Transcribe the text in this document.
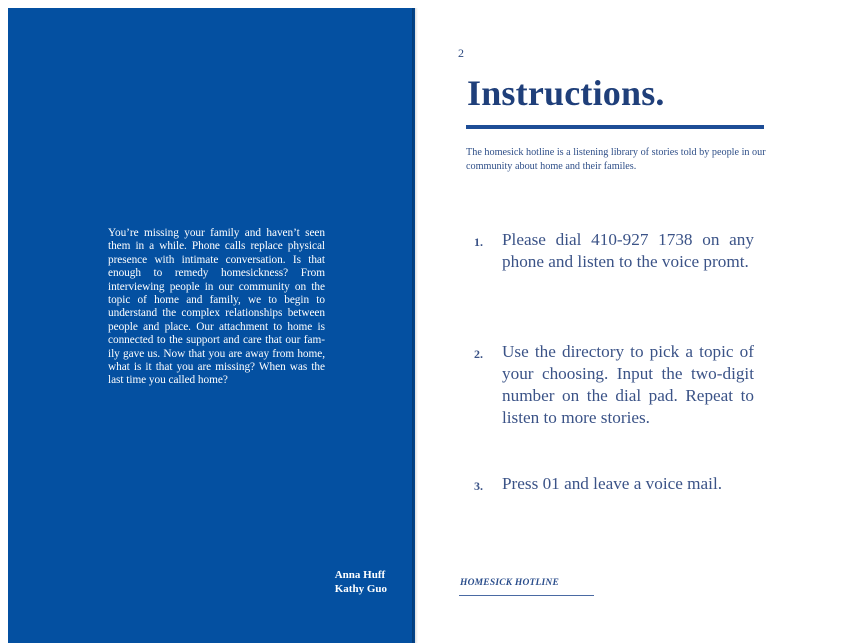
You’re missing your family and haven’t seen them in a while. Phone calls replace physical presence with intimate conversation. Is that enough to remedy homesickness? From interviewing people in our community on the topic of home and family, we to begin to understand the complex relationships between people and place. Our attachment to home is connected to the support and care that our family gave us. Now that you are away from home, what is it that you are missing? When was the last time you called home?
Anna Huff
Kathy Guo
2
Instructions.
The homesick hotline is a listening library of stories told by people in our community about home and their familes.
1. Please dial 410-927 1738 on any phone and listen to the voice promt.
2. Use the directory to pick a topic of your choosing. Input the two-digit number on the dial pad. Repeat to listen to more stories.
3. Press 01 and leave a voice mail.
HOMESICK HOTLINE
